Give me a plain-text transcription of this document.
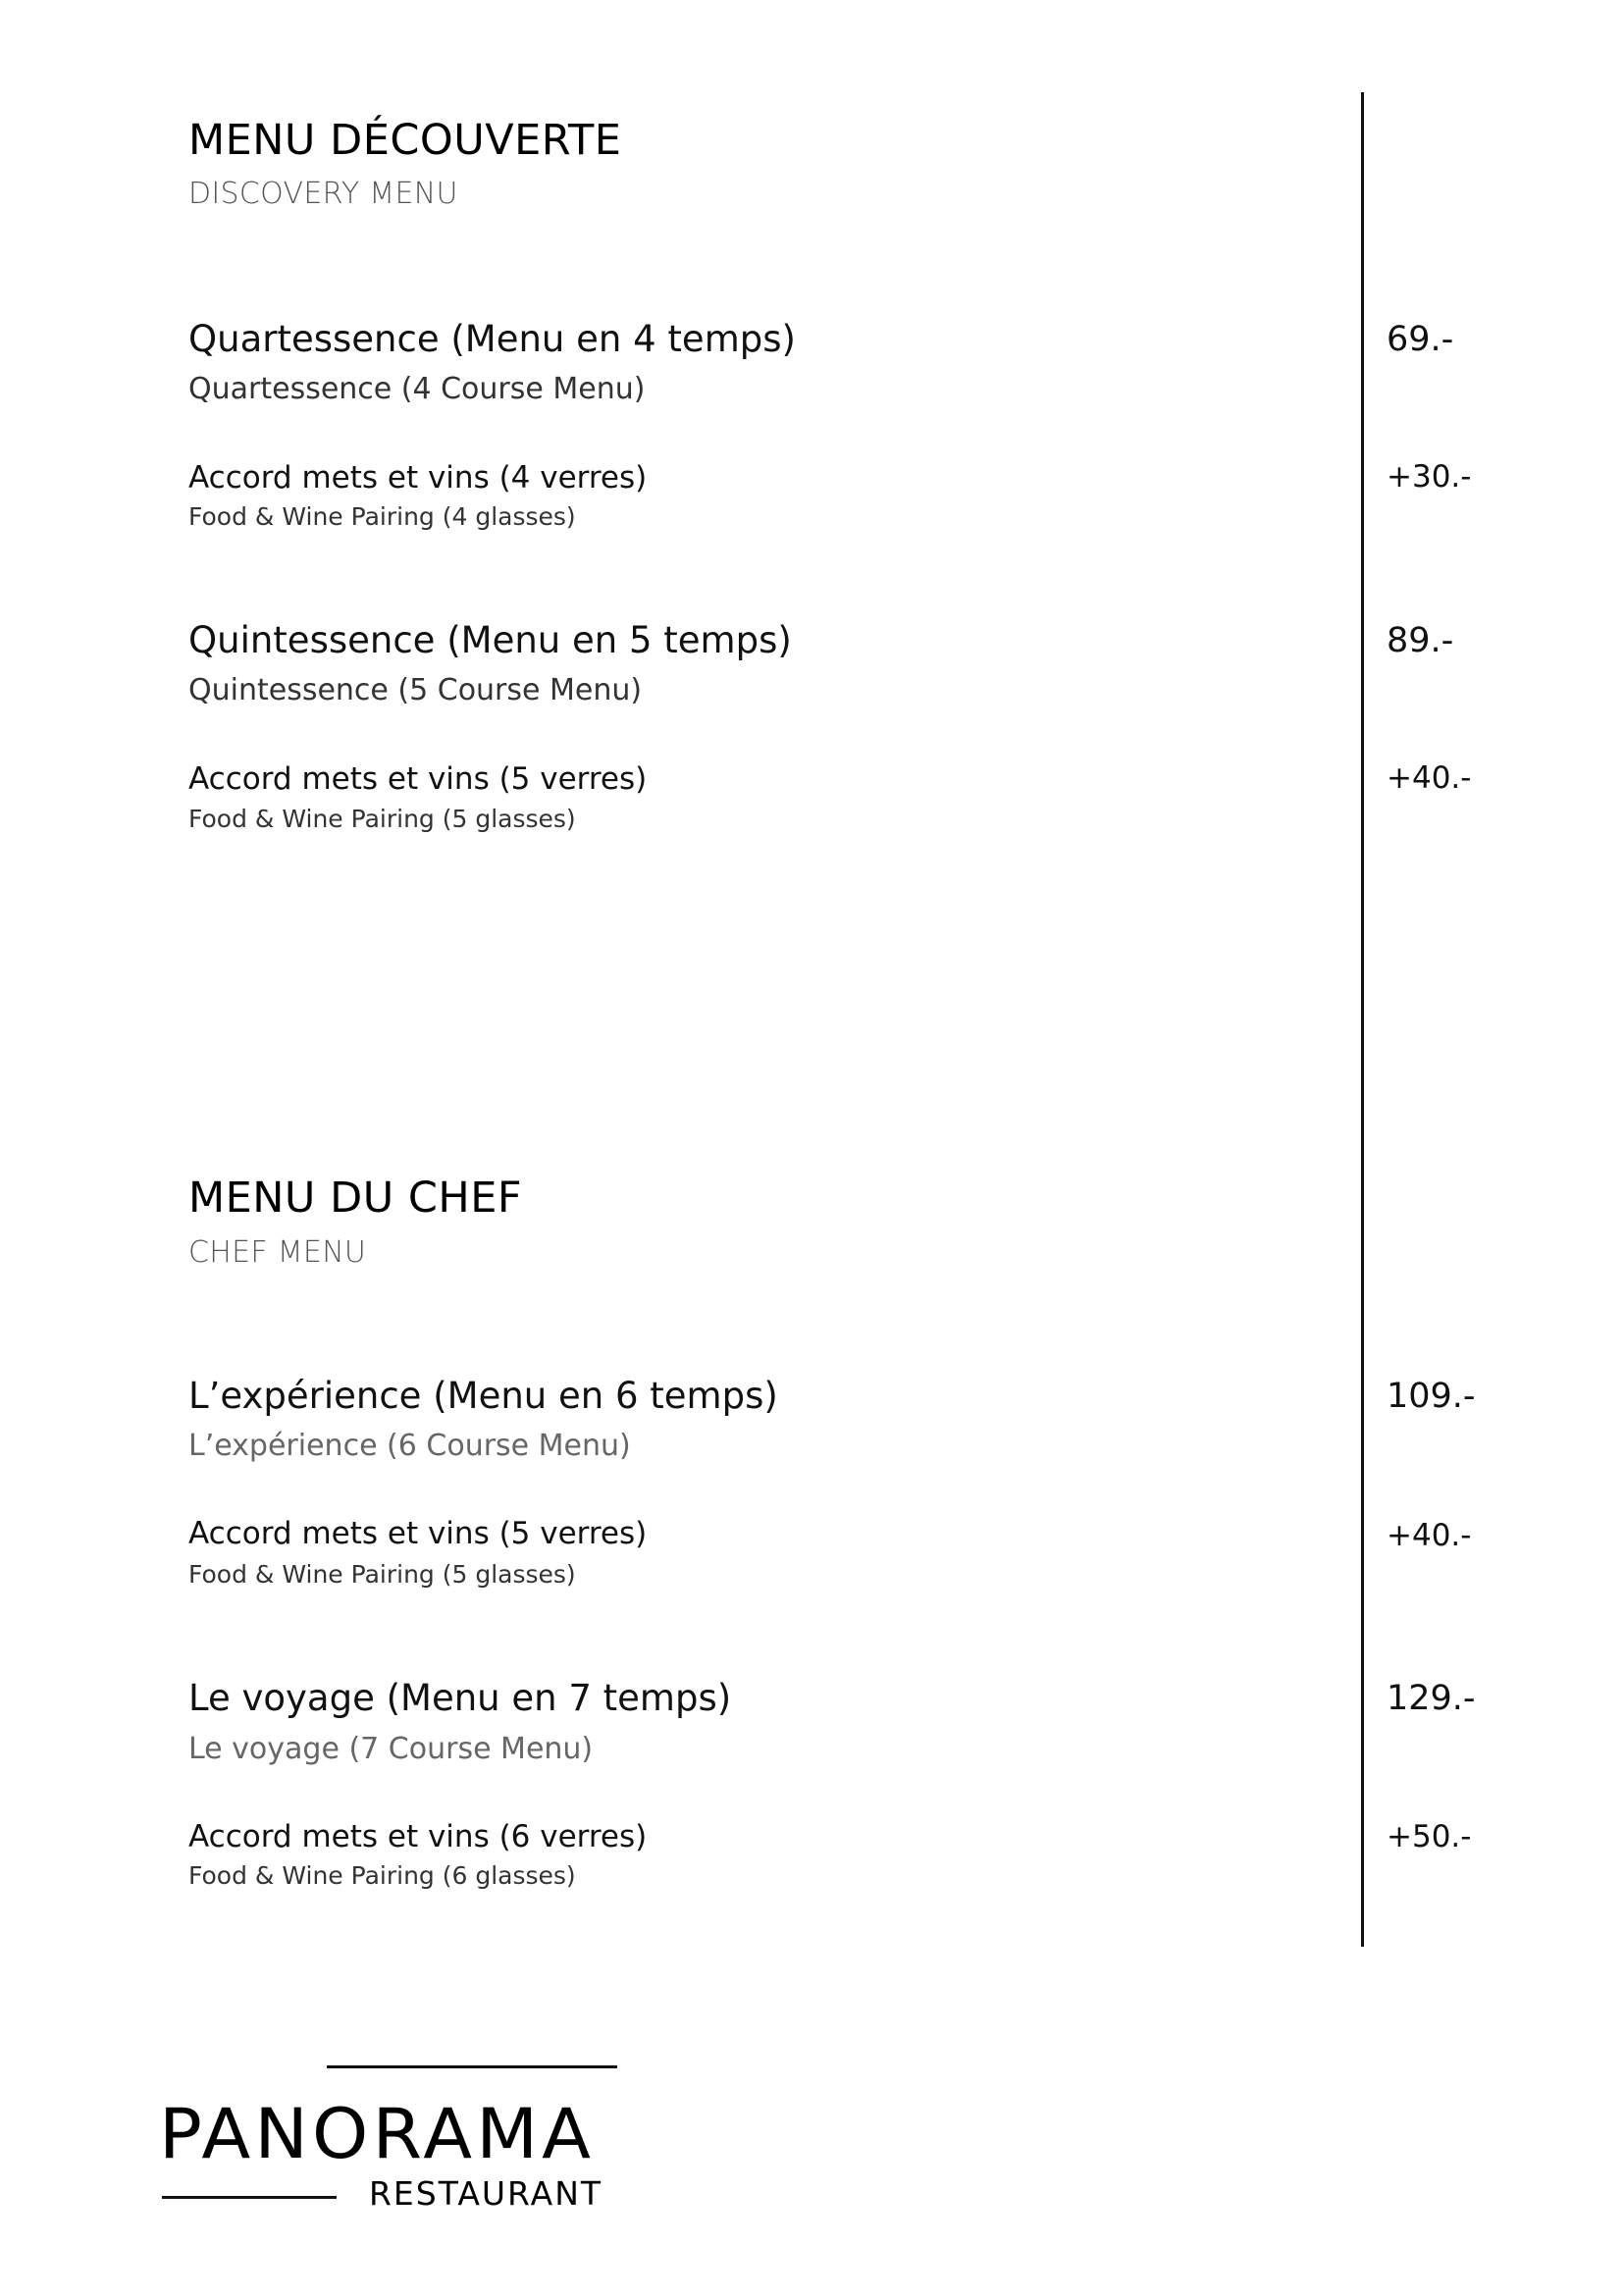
MENU DÉCOUVERTE
DISCOVERY MENU
Quartessence (Menu en 4 temps)
Quartessence (4 Course Menu)
69.-
Accord mets et vins (4 verres)
Food & Wine Pairing (4 glasses)
+30.-
Quintessence (Menu en 5 temps)
Quintessence (5 Course Menu)
89.-
Accord mets et vins (5 verres)
Food & Wine Pairing (5 glasses)
+40.-
MENU DU CHEF
CHEF MENU
L’expérience (Menu en 6 temps)
L’expérience (6 Course Menu)
109.-
Accord mets et vins (5 verres)
Food & Wine Pairing (5 glasses)
+40.-
Le voyage (Menu en 7 temps)
Le voyage (7 Course Menu)
129.-
Accord mets et vins (6 verres)
Food & Wine Pairing (6 glasses)
+50.-
PANORAMA
RESTAURANT
